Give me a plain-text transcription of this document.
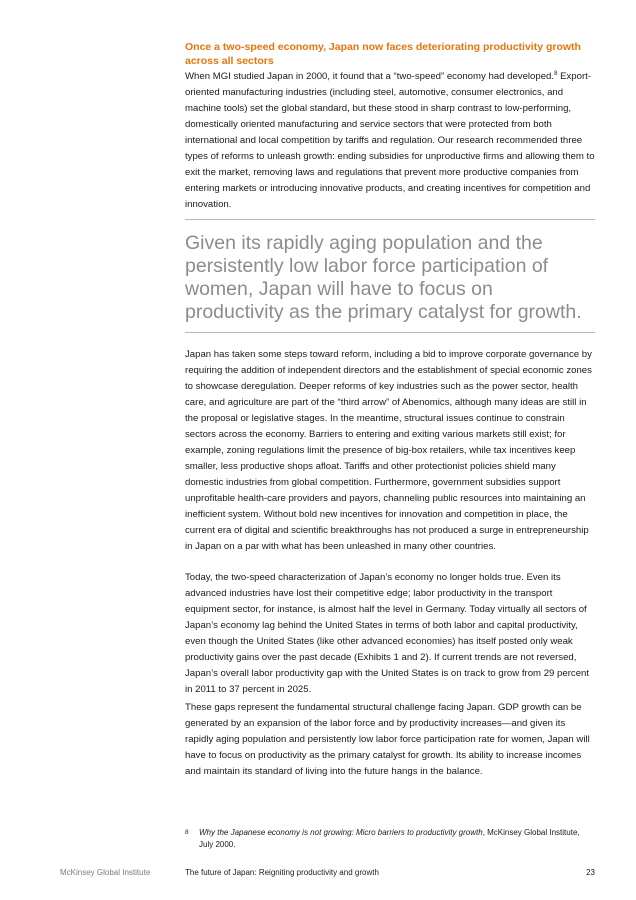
Once a two-speed economy, Japan now faces deteriorating productivity growth across all sectors

When MGI studied Japan in 2000, it found that a “two-speed” economy had developed.$^8$ Export-oriented manufacturing industries (including steel, automotive, consumer electronics, and machine tools) set the global standard, but these stood in sharp contrast to low-performing, domestically oriented manufacturing and service sectors that were protected from both international and local competition by tariffs and regulation. Our research recommended three types of reforms to unleash growth: ending subsidies for unproductive firms and allowing them to exit the market, removing laws and regulations that prevent more productive companies from entering markets or introducing innovative products, and creating incentives for competition and innovation.

Given its rapidly aging population and the persistently low labor force participation of women, Japan will have to focus on productivity as the primary catalyst for growth.

Japan has taken some steps toward reform, including a bid to improve corporate governance by requiring the addition of independent directors and the establishment of special economic zones to showcase deregulation. Deeper reforms of key industries such as the power sector, health care, and agriculture are part of the “third arrow” of Abenomics, although many ideas are still in the proposal or legislative stages. In the meantime, structural issues continue to constrain sectors across the economy. Barriers to entering and exiting various markets still exist; for example, zoning regulations limit the presence of big-box retailers, while tax incentives keep smaller, less productive shops afloat. Tariffs and other protectionist policies shield many domestic industries from global competition. Furthermore, government subsidies support unprofitable health-care providers and payors, channeling public resources into maintaining an inefficient system. Without bold new incentives for innovation and competition in place, the current era of digital and scientific breakthroughs has not produced a surge in entrepreneurship in Japan on a par with what has been unleashed in many other countries.

Today, the two-speed characterization of Japan’s economy no longer holds true. Even its advanced industries have lost their competitive edge; labor productivity in the transport equipment sector, for instance, is almost half the level in Germany. Today virtually all sectors of Japan’s economy lag behind the United States in terms of both labor and capital productivity, even though the United States (like other advanced economies) has itself posted only weak productivity gains over the past decade (Exhibits 1 and 2). If current trends are not reversed, Japan’s overall labor productivity gap with the United States is on track to grow from 29 percent in 2011 to 37 percent in 2025.

These gaps represent the fundamental structural challenge facing Japan. GDP growth can be generated by an expansion of the labor force and by productivity increases—and given its rapidly aging population and persistently low labor force participation rate for women, Japan will have to focus on productivity as the primary catalyst for growth. Its ability to increase incomes and maintain its standard of living into the future hangs in the balance.

8 Why the Japanese economy is not growing: Micro barriers to productivity growth, McKinsey Global Institute, July 2000.
McKinsey Global Institute	The future of Japan: Reigniting productivity and growth	23
